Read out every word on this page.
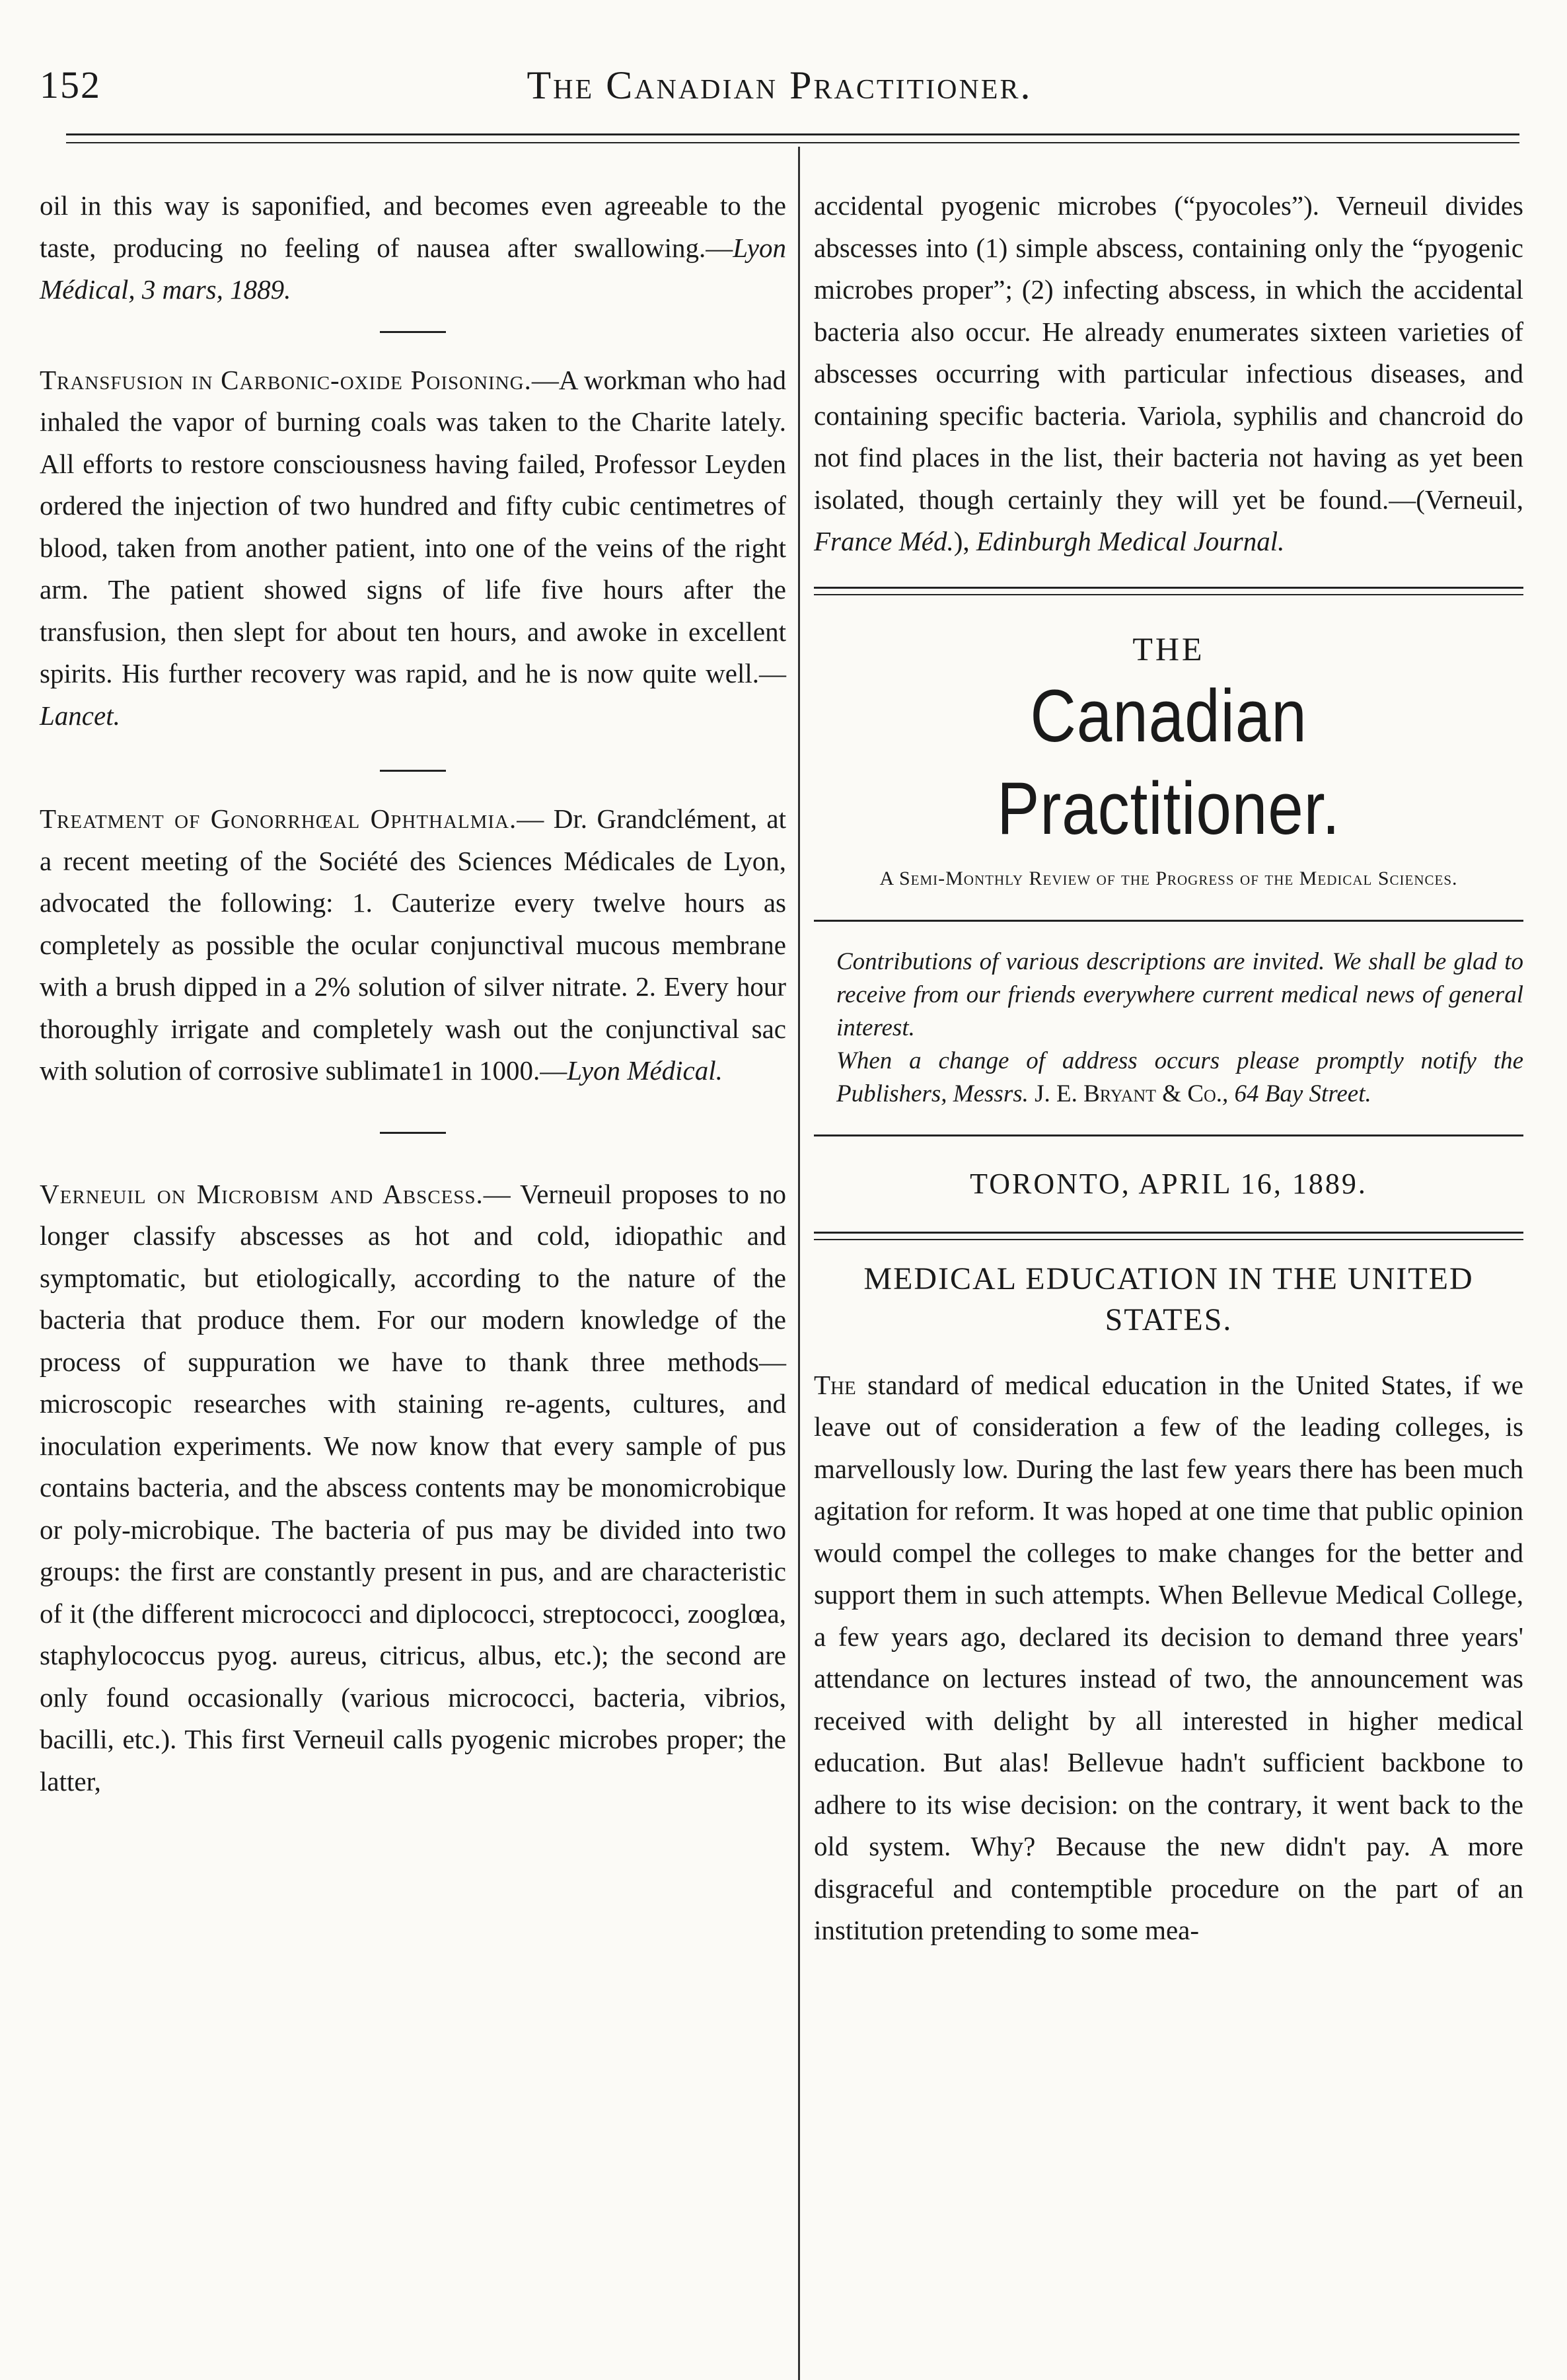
152	The Canadian Practitioner.

oil in this way is saponified, and becomes even agreeable to the taste, producing no feeling of nausea after swallowing.—Lyon Médical, 3 mars, 1889.

Transfusion in Carbonic-oxide Poisoning.—A workman who had inhaled the vapor of burning coals was taken to the Charite lately. All efforts to restore consciousness having failed, Professor Leyden ordered the injection of two hundred and fifty cubic centimetres of blood, taken from another patient, into one of the veins of the right arm. The patient showed signs of life five hours after the transfusion, then slept for about ten hours, and awoke in excellent spirits. His further recovery was rapid, and he is now quite well.—Lancet.

Treatment of Gonorrhœal Ophthalmia.— Dr. Grandclément, at a recent meeting of the Société des Sciences Médicales de Lyon, advocated the following: 1. Cauterize every twelve hours as completely as possible the ocular conjunctival mucous membrane with a brush dipped in a 2% solution of silver nitrate. 2. Every hour thoroughly irrigate and completely wash out the conjunctival sac with solution of corrosive sublimate1 in 1000.—Lyon Médical.

Verneuil on Microbism and Abscess.— Verneuil proposes to no longer classify abscesses as hot and cold, idiopathic and symptomatic, but etiologically, according to the nature of the bacteria that produce them. For our modern knowledge of the process of suppuration we have to thank three methods— microscopic researches with staining re-agents, cultures, and inoculation experiments. We now know that every sample of pus contains bacteria, and the abscess contents may be monomicrobique or poly-microbique. The bacteria of pus may be divided into two groups: the first are constantly present in pus, and are characteristic of it (the different micrococci and diplococci, streptococci, zooglœa, staphylococcus pyog. aureus, citricus, albus, etc.); the second are only found occasionally (various micrococci, bacteria, vibrios, bacilli, etc.). This first Verneuil calls pyogenic microbes proper; the latter,

accidental pyogenic microbes (“pyocoles”). Verneuil divides abscesses into (1) simple abscess, containing only the “pyogenic microbes proper”; (2) infecting abscess, in which the accidental bacteria also occur. He already enumerates sixteen varieties of abscesses occurring with particular infectious diseases, and containing specific bacteria. Variola, syphilis and chancroid do not find places in the list, their bacteria not having as yet been isolated, though certainly they will yet be found.—(Verneuil, France Méd.), Edinburgh Medical Journal.

THE
Canadian Practitioner.
A Semi-Monthly Review of the Progress of the Medical Sciences.

Contributions of various descriptions are invited. We shall be glad to receive from our friends everywhere current medical news of general interest.

When a change of address occurs please promptly notify the Publishers, Messrs. J. E. Bryant & Co., 64 Bay Street.

TORONTO, APRIL 16, 1889.
MEDICAL EDUCATION IN THE UNITED STATES.

The standard of medical education in the United States, if we leave out of consideration a few of the leading colleges, is marvellously low. During the last few years there has been much agitation for reform. It was hoped at one time that public opinion would compel the colleges to make changes for the better and support them in such attempts. When Bellevue Medical College, a few years ago, declared its decision to demand three years' attendance on lectures instead of two, the announcement was received with delight by all interested in higher medical education. But alas! Bellevue hadn't sufficient backbone to adhere to its wise decision: on the contrary, it went back to the old system. Why? Because the new didn't pay. A more disgraceful and contemptible procedure on the part of an institution pretending to some mea-
